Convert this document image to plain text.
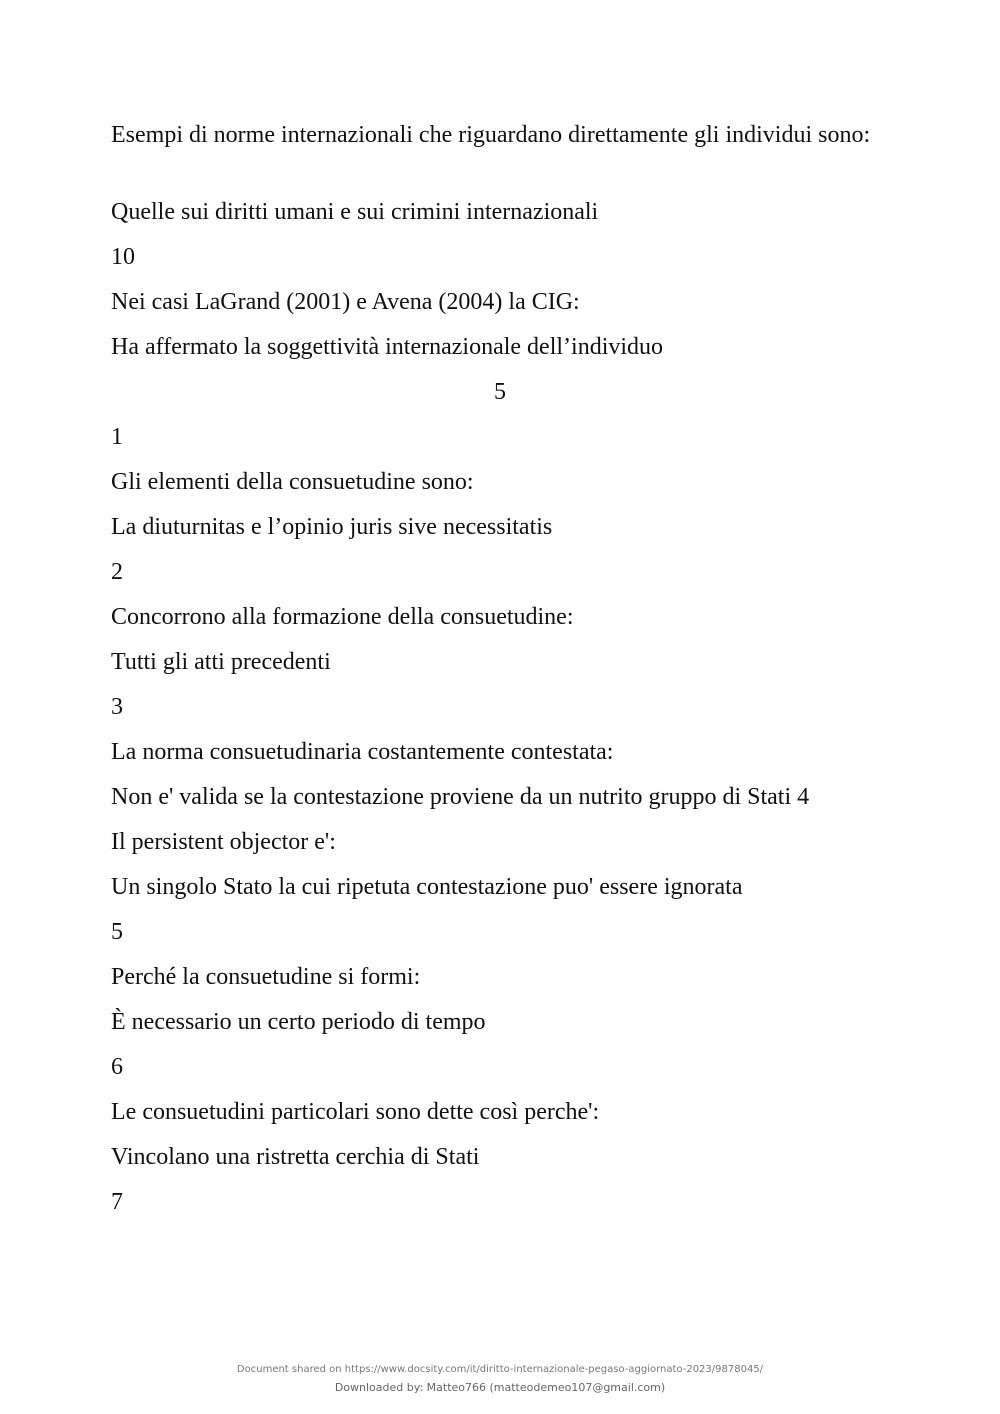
Esempi di norme internazionali che riguardano direttamente gli individui sono:
Quelle sui diritti umani e sui crimini internazionali
10
Nei casi LaGrand (2001) e Avena (2004) la CIG:
Ha affermato la soggettività internazionale dell’individuo
5
1
Gli elementi della consuetudine sono:
La diuturnitas e l’opinio juris sive necessitatis
2
Concorrono alla formazione della consuetudine:
Tutti gli atti precedenti
3
La norma consuetudinaria costantemente contestata:
Non e' valida se la contestazione proviene da un nutrito gruppo di Stati 4
Il persistent objector e':
Un singolo Stato la cui ripetuta contestazione puo' essere ignorata
5
Perché la consuetudine si formi:
È necessario un certo periodo di tempo
6
Le consuetudini particolari sono dette così perche':
Vincolano una ristretta cerchia di Stati
7
Document shared on https://www.docsity.com/it/diritto-internazionale-pegaso-aggiornato-2023/9878045/
Downloaded by: Matteo766 (matteodemeo107@gmail.com)
